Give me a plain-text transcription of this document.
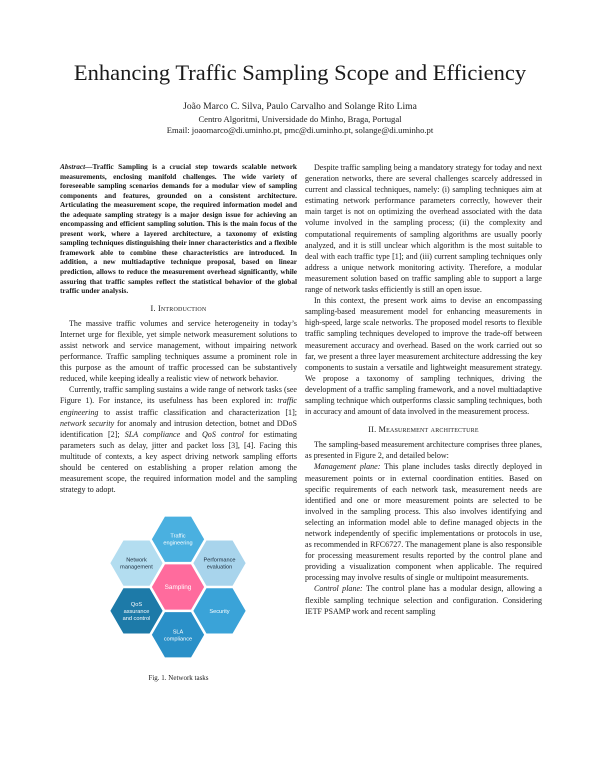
Enhancing Traffic Sampling Scope and Efficiency
João Marco C. Silva, Paulo Carvalho and Solange Rito Lima
Centro Algoritmi, Universidade do Minho, Braga, Portugal
Email: joaomarco@di.uminho.pt, pmc@di.uminho.pt, solange@di.uminho.pt

Abstract—Traffic Sampling is a crucial step towards scalable network measurements, enclosing manifold challenges. The wide variety of foreseeable sampling scenarios demands for a modular view of sampling components and features, grounded on a consistent architecture. Articulating the measurement scope, the required information model and the adequate sampling strategy is a major design issue for achieving an encompassing and efficient sampling solution. This is the main focus of the present work, where a layered architecture, a taxonomy of existing sampling techniques distinguishing their inner characteristics and a flexible framework able to combine these characteristics are introduced. In addition, a new multiadaptive technique proposal, based on linear prediction, allows to reduce the measurement overhead significantly, while assuring that traffic samples reflect the statistical behavior of the global traffic under analysis.

I. Introduction

The massive traffic volumes and service heterogeneity in today’s Internet urge for flexible, yet simple network measurement solutions to assist network and service management, without impairing network performance. Traffic sampling techniques assume a prominent role in this purpose as the amount of traffic processed can be substantively reduced, while keeping ideally a realistic view of network behavior.

Currently, traffic sampling sustains a wide range of network tasks (see Figure 1). For instance, its usefulness has been explored in: traffic engineering to assist traffic classification and characterization [1]; network security for anomaly and intrusion detection, botnet and DDoS identification [2]; SLA compliance and QoS control for estimating parameters such as delay, jitter and packet loss [3], [4]. Facing this multitude of contexts, a key aspect driving network sampling efforts should be centered on establishing a proper relation among the measurement scope, the required information model and the sampling strategy to adopt.

Network
management
Traffic
engineering
QoS
assurance
and control
Sampling
Performance
evaluation
SLA
compliance
Security
Fig. 1. Network tasks

Despite traffic sampling being a mandatory strategy for today and next generation networks, there are several challenges scarcely addressed in current and classical techniques, namely: (i) sampling techniques aim at estimating network performance parameters correctly, however their main target is not on optimizing the overhead associated with the data volume involved in the sampling process; (ii) the complexity and computational requirements of sampling algorithms are usually poorly analyzed, and it is still unclear which algorithm is the most suitable to deal with each traffic type [1]; and (iii) current sampling techniques only address a unique network monitoring activity. Therefore, a modular measurement solution based on traffic sampling able to support a large range of network tasks efficiently is still an open issue.

In this context, the present work aims to devise an encompassing sampling-based measurement model for enhancing measurements in high-speed, large scale networks. The proposed model resorts to flexible traffic sampling techniques developed to improve the trade-off between measurement accuracy and overhead. Based on the work carried out so far, we present a three layer measurement architecture addressing the key components to sustain a versatile and lightweight measurement strategy. We propose a taxonomy of sampling techniques, driving the development of a traffic sampling framework, and a novel multiadaptive sampling technique which outperforms classic sampling techniques, both in accuracy and amount of data involved in the measurement process.

II. Measurement architecture

The sampling-based measurement architecture comprises three planes, as presented in Figure 2, and detailed below:

Management plane: This plane includes tasks directly deployed in measurement points or in external coordination entities. Based on specific requirements of each network task, measurement needs are identified and one or more measurement points are selected to be involved in the sampling process. This also involves identifying and selecting an information model able to define managed objects in the network independently of specific implementations or protocols in use, as recommended in RFC6727. The management plane is also responsible for processing measurement results reported by the control plane and providing a visualization component when applicable. The required processing may involve results of single or multipoint measurements.

Control plane: The control plane has a modular design, allowing a flexible sampling technique selection and configuration. Considering IETF PSAMP work and recent sampling
